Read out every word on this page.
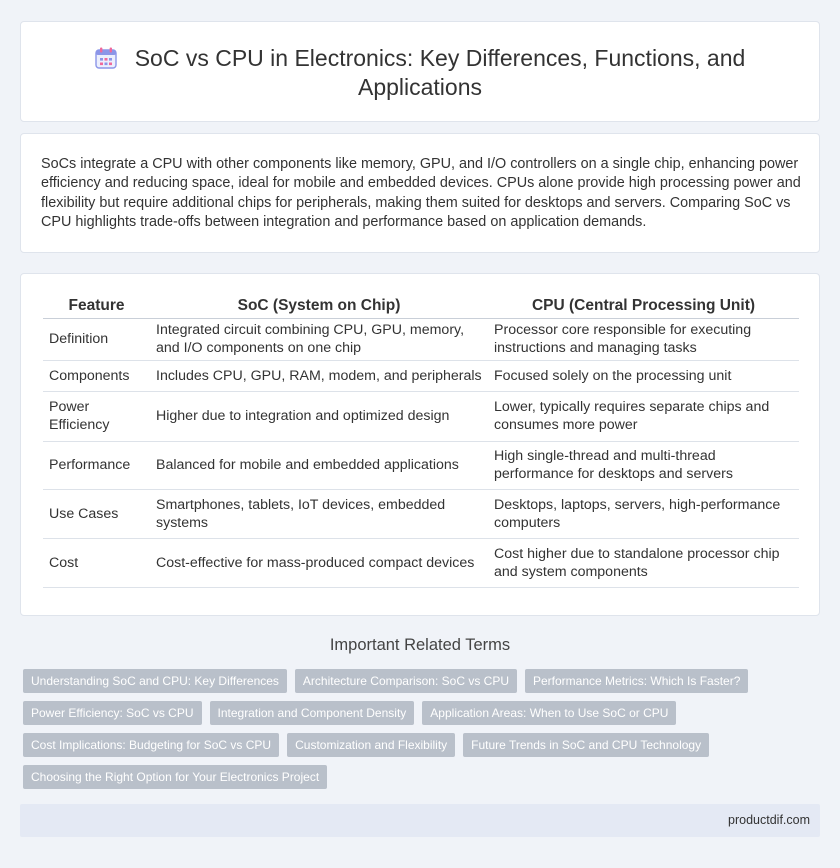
SoC vs CPU in Electronics: Key Differences, Functions, and Applications

SoCs integrate a CPU with other components like memory, GPU, and I/O controllers on a single chip, enhancing power efficiency and reducing space, ideal for mobile and embedded devices. CPUs alone provide high processing power and flexibility but require additional chips for peripherals, making them suited for desktops and servers. Comparing SoC vs CPU highlights trade-offs between integration and performance based on application demands.

Feature	SoC (System on Chip)	CPU (Central Processing Unit)
Definition	Integrated circuit combining CPU, GPU, memory, and I/O components on one chip	Processor core responsible for executing instructions and managing tasks
Components	Includes CPU, GPU, RAM, modem, and peripherals	Focused solely on the processing unit
Power Efficiency	Higher due to integration and optimized design	Lower, typically requires separate chips and consumes more power
Performance	Balanced for mobile and embedded applications	High single-thread and multi-thread performance for desktops and servers
Use Cases	Smartphones, tablets, IoT devices, embedded systems	Desktops, laptops, servers, high-performance computers
Cost	Cost-effective for mass-produced compact devices	Cost higher due to standalone processor chip and system components
Important Related Terms
Understanding SoC and CPU: Key Differences	Architecture Comparison: SoC vs CPU	Performance Metrics: Which Is Faster?
Power Efficiency: SoC vs CPU	Integration and Component Density	Application Areas: When to Use SoC or CPU
Cost Implications: Budgeting for SoC vs CPU	Customization and Flexibility	Future Trends in SoC and CPU Technology
Choosing the Right Option for Your Electronics Project
productdif.com
